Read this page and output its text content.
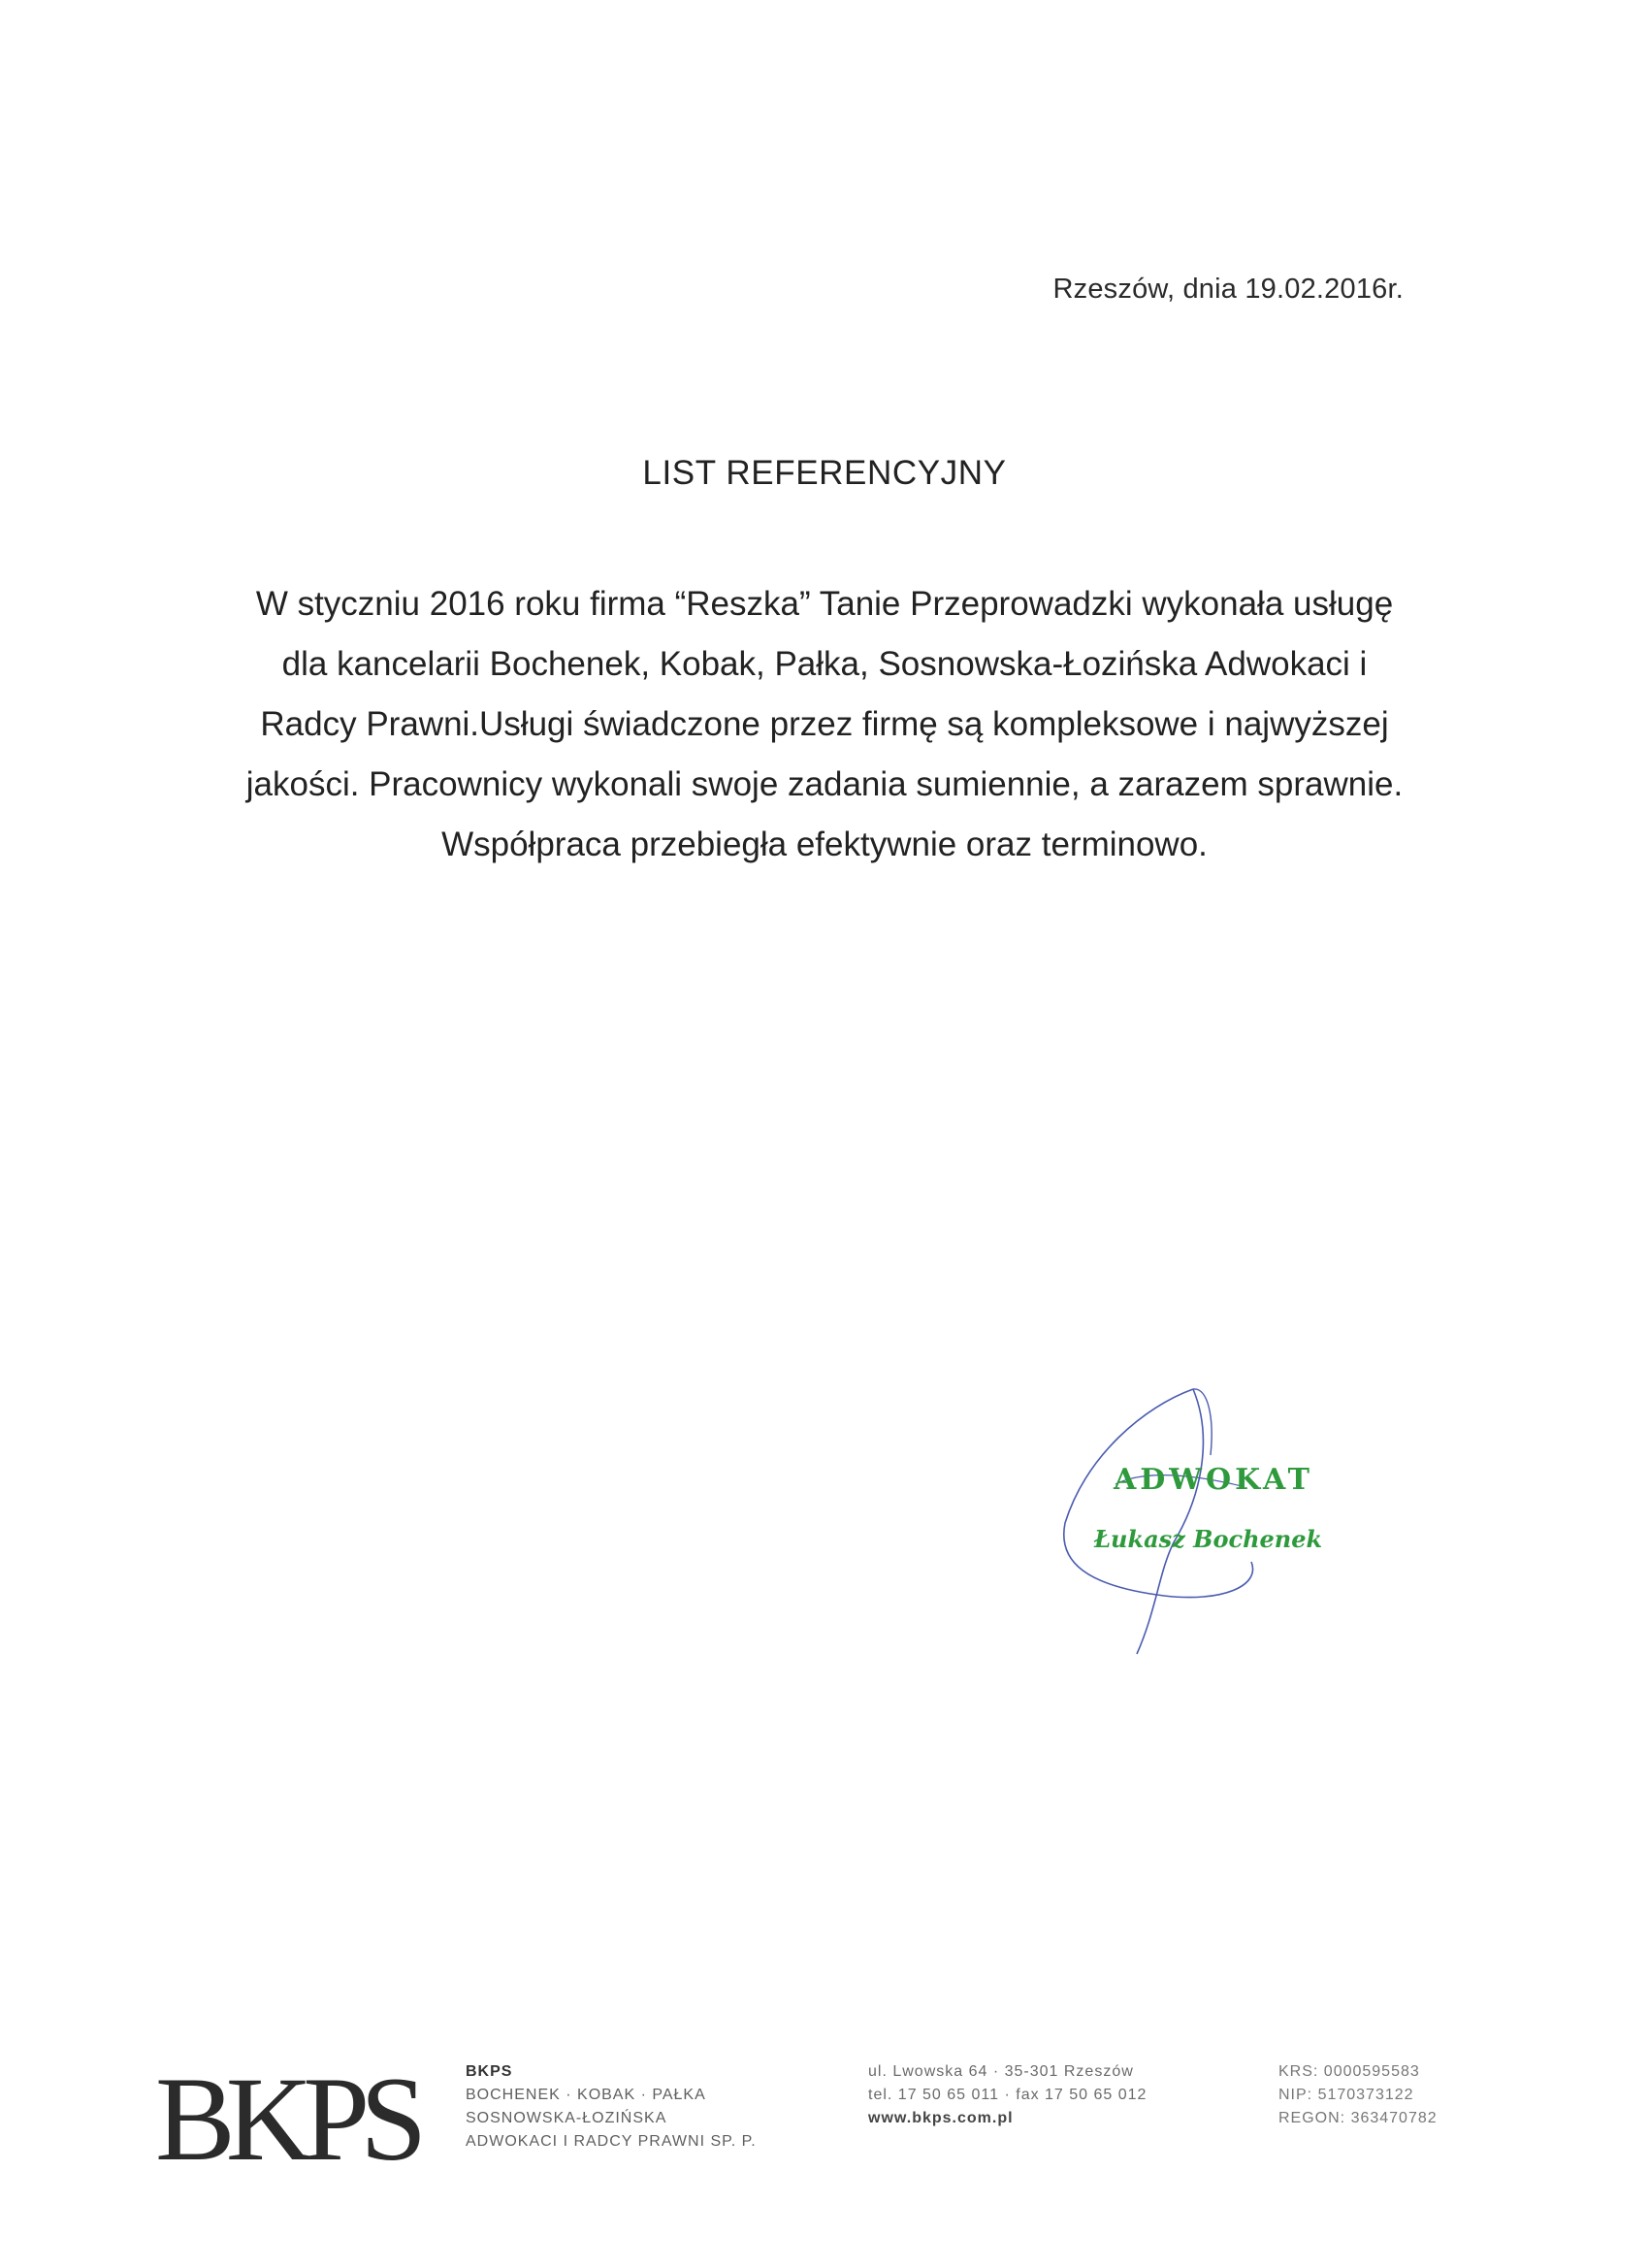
Rzeszów, dnia 19.02.2016r.
LIST REFERENCYJNY
W styczniu 2016 roku firma “Reszka” Tanie Przeprowadzki wykonała usługę
dla kancelarii Bochenek, Kobak, Pałka, Sosnowska-Łozińska Adwokaci i
Radcy Prawni.Usługi świadczone przez firmę są kompleksowe i najwyższej
jakości. Pracownicy wykonali swoje zadania sumiennie, a zarazem sprawnie.
Współpraca przebiegła efektywnie oraz terminowo.
ADWOKAT
Łukasz Bochenek
BKPS	BKPS
BOCHENEK · KOBAK · PAŁKA
SOSNOWSKA-ŁOZIŃSKA
ADWOKACI I RADCY PRAWNI SP. P.
ul. Lwowska 64 · 35-301 Rzeszów
tel. 17 50 65 011 · fax 17 50 65 012
www.bkps.com.pl
KRS: 0000595583
NIP: 5170373122
REGON: 363470782
